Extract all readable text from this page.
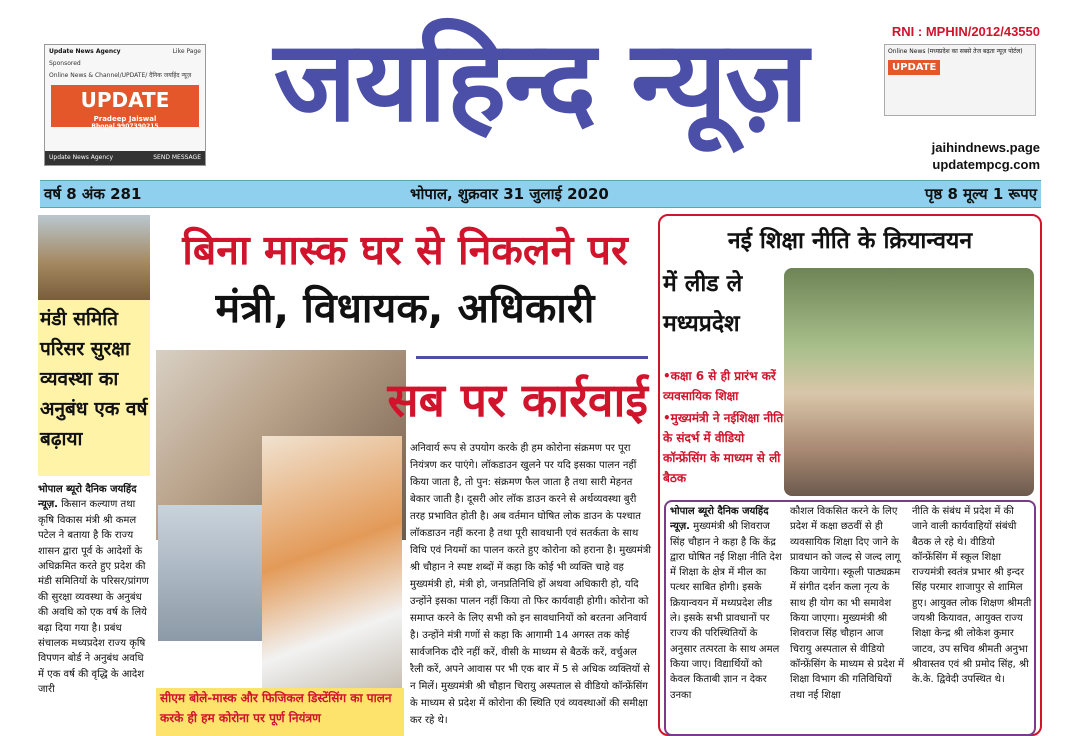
Update News Agency
Sponsored
Like Page
Online News & Channel/UPDATE/ दैनिक जयहिंद न्यूज़
UPDATE
Pradeep Jaiswal
Bhopal 9907390215
Update News Agency	SEND MESSAGE
जयहिन्द न्यूज़	RNI : MPHIN/2012/43550
Online News (मध्यप्रदेश का सबसे तेज बढ़ता न्यूज़ पोर्टल)
UPDATE
jaihindnews.page
updatempcg.com
वर्ष 8 अंक 281	भोपाल, शुक्रवार 31 जुलाई 2020	पृष्ठ 8 मूल्य 1 रूपए
मंडी समिति परिसर सुरक्षा व्यवस्था का अनुबंध एक वर्ष बढ़ाया
भोपाल ब्यूरो दैनिक जयहिंद न्यूज़. किसान कल्याण तथा कृषि विकास मंत्री श्री कमल पटेल ने बताया है कि राज्य शासन द्वारा पूर्व के आदेशों के अधिक्रमित करते हुए प्रदेश की मंडी समितियों के परिसर/प्रांगण की सुरक्षा व्यवस्था के अनुबंध की अवधि को एक वर्ष के लिये बढ़ा दिया गया है। प्रबंध संचालक मध्यप्रदेश राज्य कृषि विपणन बोर्ड ने अनुबंध अवधि में एक वर्ष की वृद्धि के आदेश जारी
बिना मास्क घर से निकलने पर
मंत्री, विधायक, अधिकारी
सब पर कार्रवाई
सीएम बोले-मास्क और फिजिकल डिस्टेंसिंग का पालन करके ही हम कोरोना पर पूर्ण नियंत्रण
अनिवार्य रूप से उपयोग करके ही हम कोरोना संक्रमण पर पूरा नियंत्रण कर पाएंगे। लॉकडाउन खुलने पर यदि इसका पालन नहीं किया जाता है, तो पुन: संक्रमण फैल जाता है तथा सारी मेहनत बेकार जाती है। दूसरी ओर लॉक डाउन करने से अर्थव्यवस्था बुरी तरह प्रभावित होती है। अब वर्तमान घोषित लोक डाउन के पश्चात लॉकडाउन नहीं करना है तथा पूरी सावधानी एवं सतर्कता के साथ विधि एवं नियमों का पालन करते हुए कोरोना को हराना है। मुख्यमंत्री श्री चौहान ने स्पष्ट शब्दों में कहा कि कोई भी व्यक्ति चाहे वह मुख्यमंत्री हो, मंत्री हो, जनप्रतिनिधि हों अथवा अधिकारी हो, यदि उन्होंने इसका पालन नहीं किया तो फिर कार्यवाही होगी। कोरोना को समाप्त करने के लिए सभी को इन सावधानियों को बरतना अनिवार्य है। उन्होंने मंत्री गणों से कहा कि आगामी 14 अगस्त तक कोई सार्वजनिक दौरे नहीं करें, वीसी के माध्यम से बैठकें करें, वर्चुअल रैली करें, अपने आवास पर भी एक बार में 5 से अधिक व्यक्तियों से न मिलें। मुख्यमंत्री श्री चौहान चिरायु अस्पताल से वीडियो कॉन्फ्रेंसिंग के माध्यम से प्रदेश में कोरोना की स्थिति एवं व्यवस्थाओं की समीक्षा कर रहे थे।
नई शिक्षा नीति के क्रियान्वयन
में लीड ले मध्यप्रदेश
•कक्षा 6 से ही प्रारंभ करें व्यवसायिक शिक्षा
•मुख्यमंत्री ने नईशिक्षा नीति के संदर्भ में वीडियो कॉन्फ्रेंसिंग के माध्यम से ली बैठक
भोपाल ब्यूरो दैनिक जयहिंद न्यूज़. मुख्यमंत्री श्री शिवराज सिंह चौहान ने कहा है कि केंद्र द्वारा घोषित नई शिक्षा नीति देश में शिक्षा के क्षेत्र में मील का पत्थर साबित होगी। इसके क्रियान्वयन में मध्यप्रदेश लीड ले। इसके सभी प्रावधानों पर राज्य की परिस्थितियों के अनुसार तत्परता के साथ अमल किया जाए। विद्यार्थियों को केवल किताबी ज्ञान न देकर उनका
कौशल विकसित करने के लिए प्रदेश में कक्षा छठवीं से ही व्यवसायिक शिक्षा दिए जाने के प्रावधान को जल्द से जल्द लागू किया जायेगा। स्कूली पाठ्यक्रम में संगीत दर्शन कला नृत्य के साथ ही योग का भी समावेश किया जाएगा। मुख्यमंत्री श्री शिवराज सिंह चौहान आज चिरायु अस्पताल से वीडियो कॉन्फ्रेंसिंग के माध्यम से प्रदेश में शिक्षा विभाग की गतिविधियों तथा नई शिक्षा
नीति के संबंध में प्रदेश में की जाने वाली कार्यवाहियों संबंधी बैठक ले रहे थे। वीडियो कॉन्फ्रेंसिंग में स्कूल शिक्षा राज्यमंत्री स्वतंत्र प्रभार श्री इन्दर सिंह परमार शाजापुर से शामिल हुए। आयुक्त लोक शिक्षण श्रीमती जयश्री कियावत, आयुक्त राज्य शिक्षा केन्द्र श्री लोकेश कुमार जाटव, उप सचिव श्रीमती अनुभा श्रीवास्तव एवं श्री प्रमोद सिंह, श्री के.के. द्विवेदी उपस्थित थे।
